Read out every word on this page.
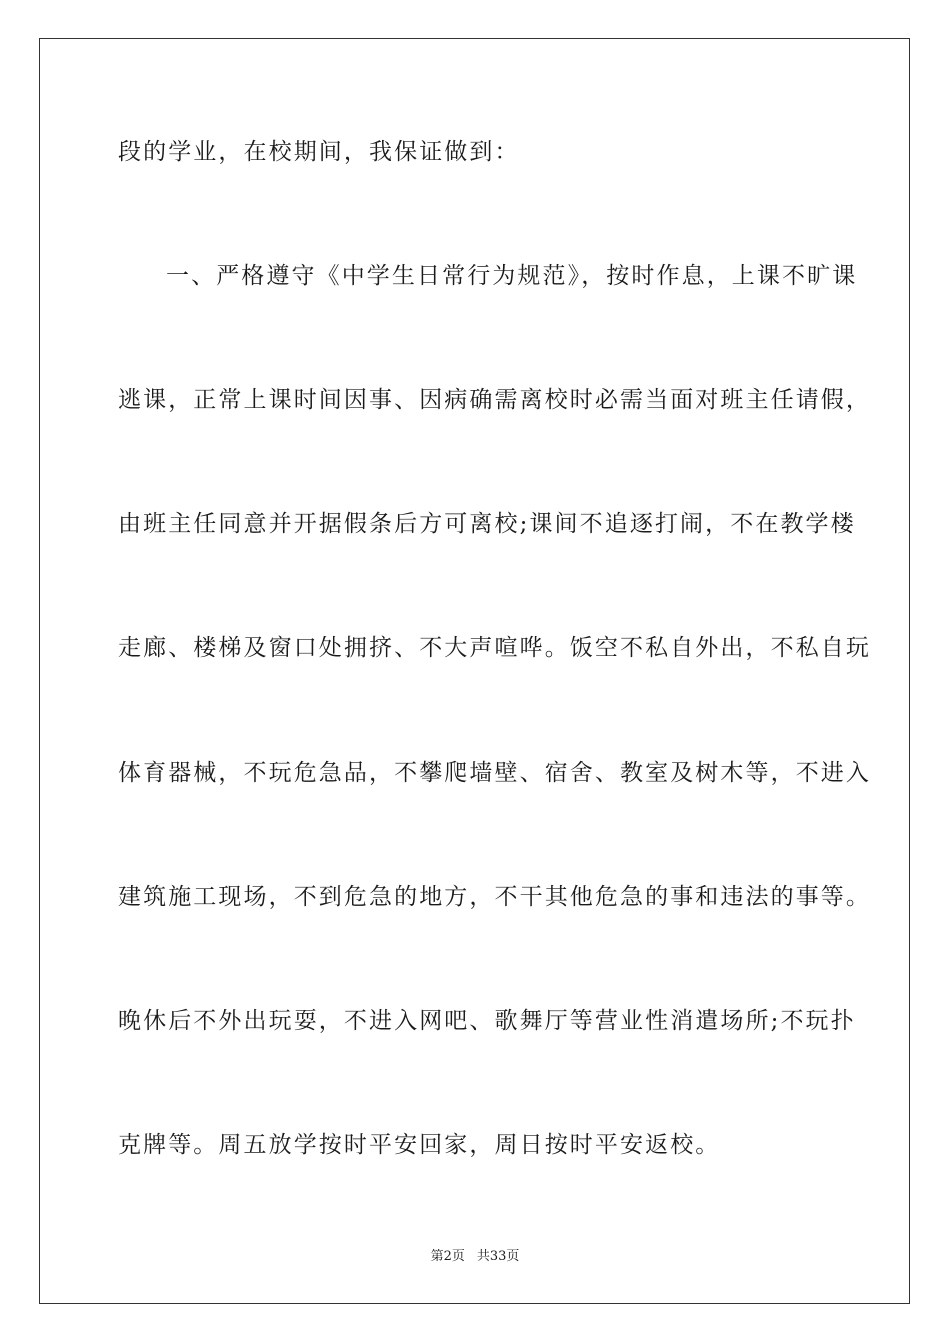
段的学业，在校期间，我保证做到：
一、严格遵守《中学生日常行为规范》，按时作息，上课不旷课
逃课，正常上课时间因事、因病确需离校时必需当面对班主任请假，
由班主任同意并开据假条后方可离校;课间不追逐打闹，不在教学楼
走廊、楼梯及窗口处拥挤、不大声喧哗。饭空不私自外出，不私自玩
体育器械，不玩危急品，不攀爬墙壁、宿舍、教室及树木等，不进入
建筑施工现场，不到危急的地方，不干其他危急的事和违法的事等。
晚休后不外出玩耍，不进入网吧、歌舞厅等营业性消遣场所;不玩扑
克牌等。周五放学按时平安回家，周日按时平安返校。
第2页 共33页
